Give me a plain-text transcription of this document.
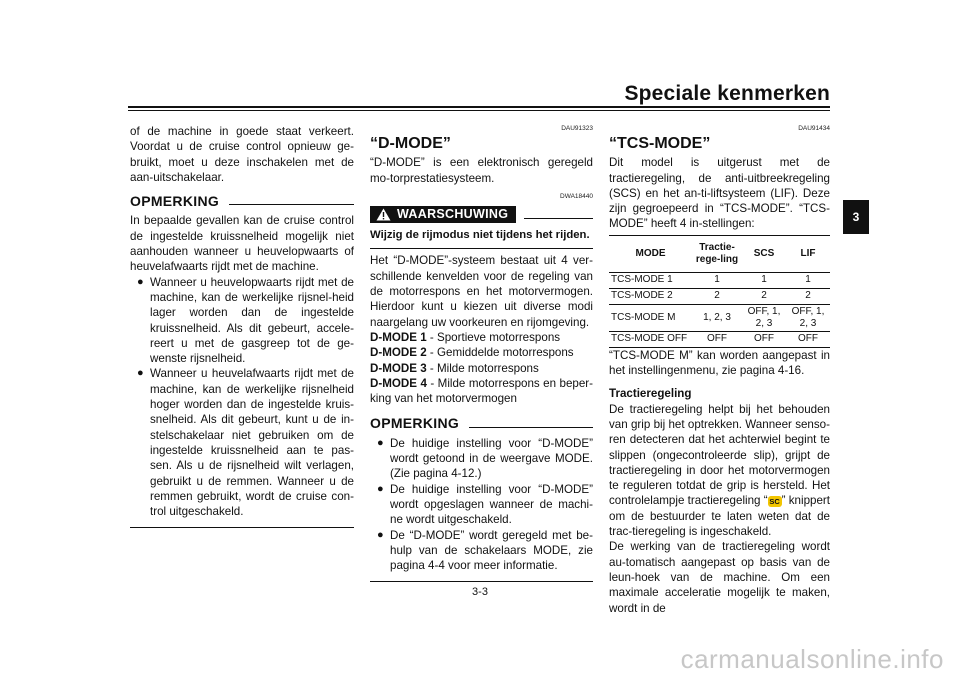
Speciale kenmerken
3

of de machine in goede staat verkeert. Voordat u de cruise control opnieuw ge-bruikt, moet u deze inschakelen met de aan-uitschakelaar.

OPMERKING

In bepaalde gevallen kan de cruise control de ingestelde kruissnelheid mogelijk niet aanhouden wanneer u heuvelopwaarts of heuvelafwaarts rijdt met de machine.

● Wanneer u heuvelopwaarts rijdt met de machine, kan de werkelijke rijsnel-heid lager worden dan de ingestelde kruissnelheid. Als dit gebeurt, accele-reert u met de gasgreep tot de ge-wenste rijsnelheid.

● Wanneer u heuvelafwaarts rijdt met de machine, kan de werkelijke rijsnelheid hoger worden dan de ingestelde kruis-snelheid. Als dit gebeurt, kunt u de in-stelschakelaar niet gebruiken om de ingestelde kruissnelheid aan te pas-sen. Als u de rijsnelheid wilt verlagen, gebruikt u de remmen. Wanneer u de remmen gebruikt, wordt de cruise con-trol uitgeschakeld.

DAU91323
“D-MODE”

“D-MODE” is een elektronisch geregeld mo-torprestatiesysteem.

DWA18440
WAARSCHUWING
Wijzig de rijmodus niet tijdens het rijden.

Het “D-MODE”-systeem bestaat uit 4 ver-schillende kenvelden voor de regeling van de motorrespons en het motorvermogen. Hierdoor kunt u kiezen uit diverse modi naargelang uw voorkeuren en rijomgeving.

D-MODE 1 - Sportieve motorrespons

D-MODE 2 - Gemiddelde motorrespons

D-MODE 3 - Milde motorrespons

D-MODE 4 - Milde motorrespons en beper-king van het motorvermogen

OPMERKING
● De huidige instelling voor “D-MODE” wordt getoond in de weergave MODE. (Zie pagina 4-12.)

● De huidige instelling voor “D-MODE” wordt opgeslagen wanneer de machi-ne wordt uitgeschakeld.

● De “D-MODE” wordt geregeld met be-hulp van de schakelaars MODE, zie pagina 4-4 voor meer informatie.

DAU91434
“TCS-MODE”

Dit model is uitgerust met de tractieregeling, de anti-uitbreekregeling (SCS) en het an-ti-liftsysteem (LIF). Deze zijn gegroepeerd in “TCS-MODE”. “TCS-MODE” heeft 4 in-stellingen:

MODE	Tractie-rege-ling	SCS	LIF
TCS-MODE 1	1	1	1
TCS-MODE 2	2	2	2
TCS-MODE M	1, 2, 3	OFF, 1, 2, 3	OFF, 1, 2, 3
TCS-MODE OFF	OFF	OFF	OFF

“TCS-MODE M” kan worden aangepast in het instellingenmenu, zie pagina 4-16.

Tractieregeling

De tractieregeling helpt bij het behouden van grip bij het optrekken. Wanneer senso-ren detecteren dat het achterwiel begint te slippen (ongecontroleerde slip), grijpt de tractieregeling in door het motorvermogen te reguleren totdat de grip is hersteld. Het controlelampje tractieregeling “ SC ” knippert om de bestuurder te laten weten dat de trac-tieregeling is ingeschakeld.

De werking van de tractieregeling wordt au-tomatisch aangepast op basis van de leun-hoek van de machine. Om een maximale acceleratie mogelijk te maken, wordt in de

3-3
carmanualsonline.info
